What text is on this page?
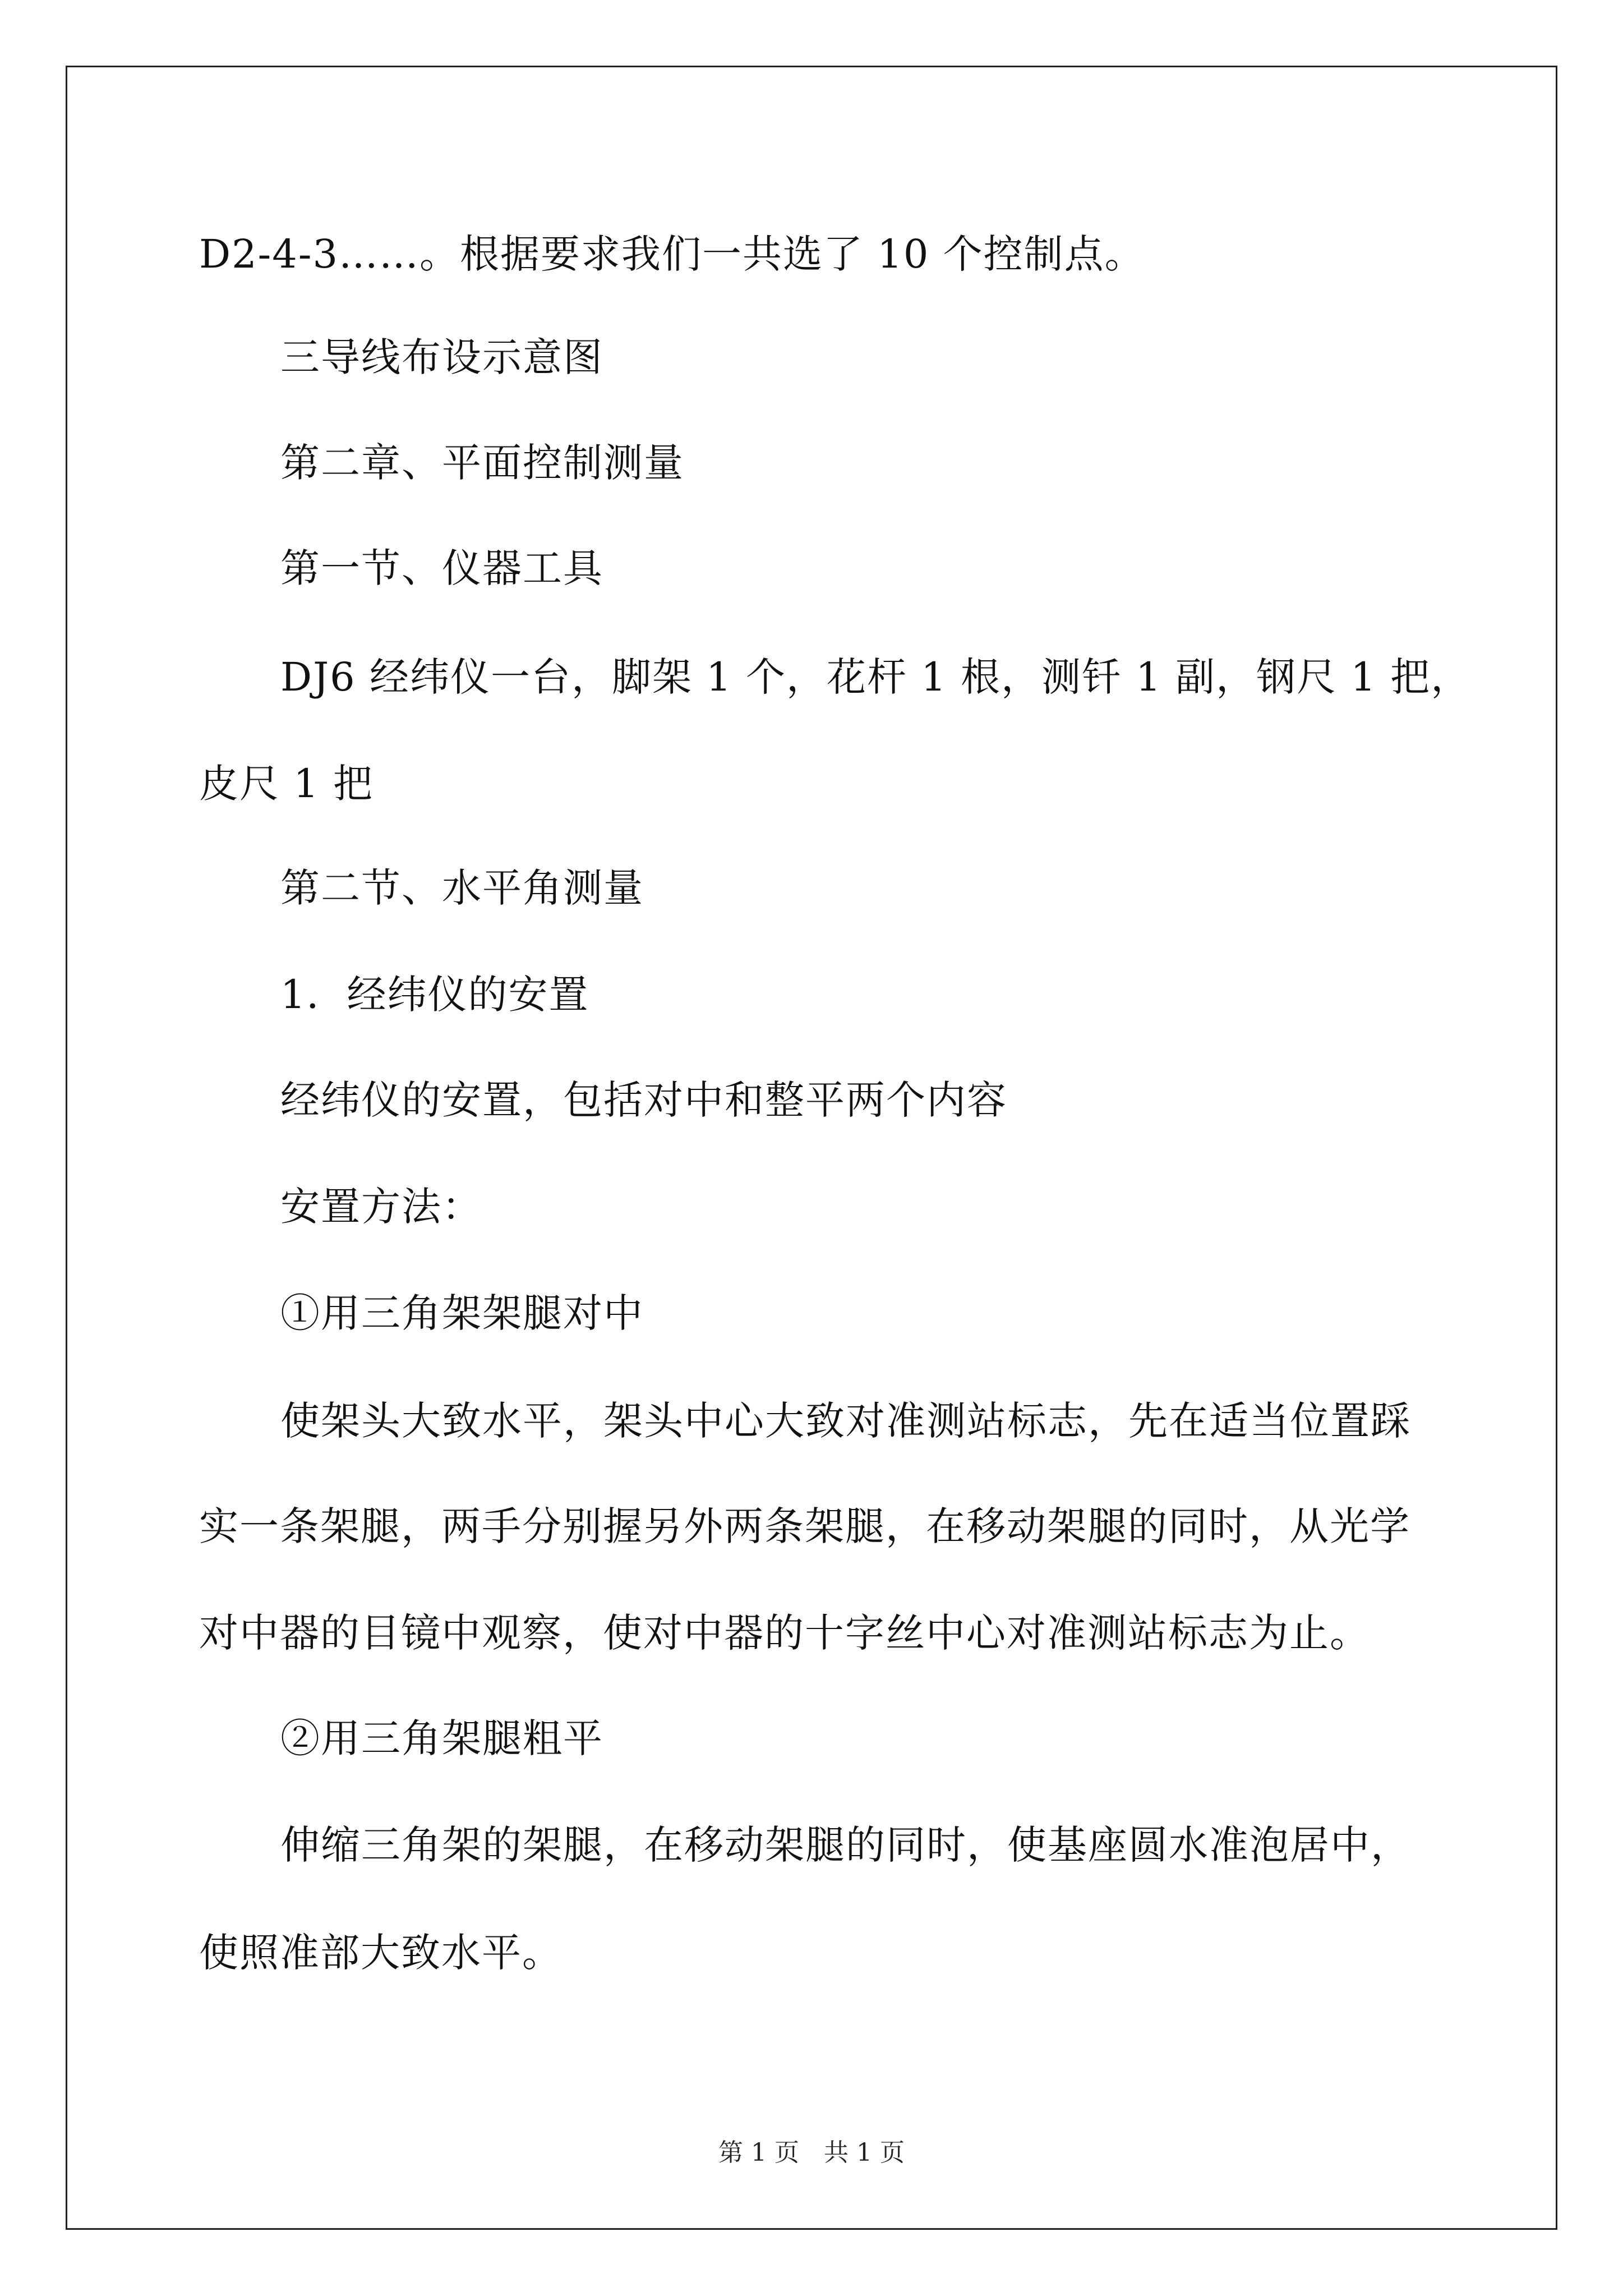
D2-4-3……。根据要求我们一共选了 10 个控制点。
三导线布设示意图
第二章、平面控制测量
第一节、仪器工具
DJ6 经纬仪一台，脚架 1 个，花杆 1 根，测钎 1 副，钢尺 1 把，
皮尺 1 把
第二节、水平角测量
1．经纬仪的安置
经纬仪的安置，包括对中和整平两个内容
安置方法：
①用三角架架腿对中
使架头大致水平，架头中心大致对准测站标志，先在适当位置踩
实一条架腿，两手分别握另外两条架腿，在移动架腿的同时，从光学
对中器的目镜中观察，使对中器的十字丝中心对准测站标志为止。
②用三角架腿粗平
伸缩三角架的架腿，在移动架腿的同时，使基座圆水准泡居中，
使照准部大致水平。
第 1 页　共 1 页
